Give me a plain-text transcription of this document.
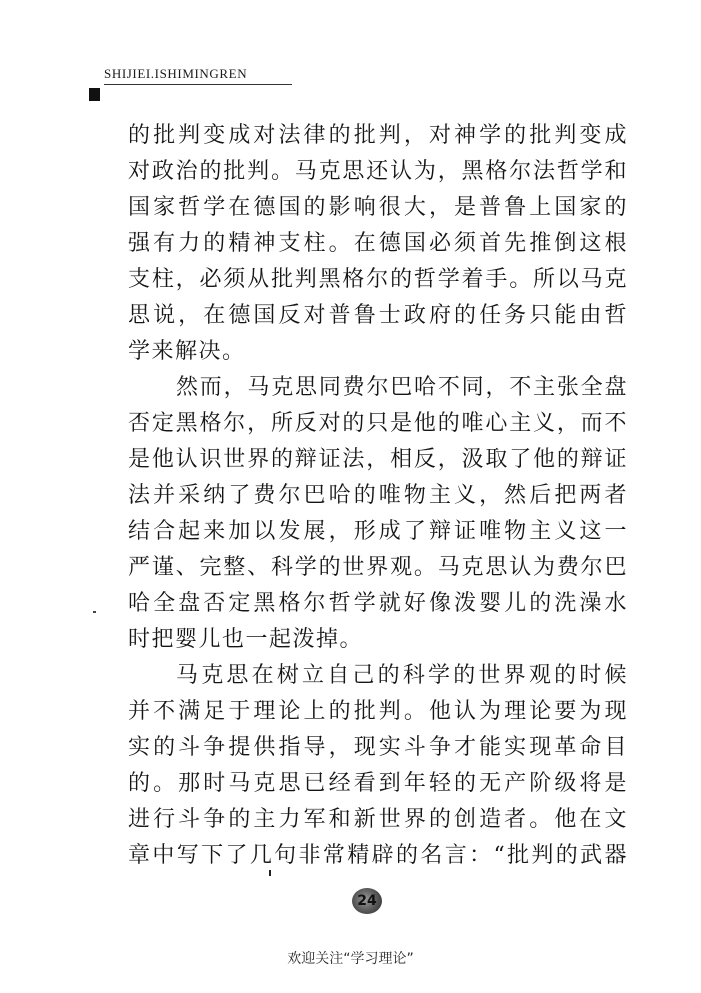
SHIJIEI.ISHIMINGREN
的批判变成对法律的批判，对神学的批判变成
对政治的批判。马克思还认为，黑格尔法哲学和
国家哲学在德国的影响很大，是普鲁上国家的
强有力的精神支柱。在德国必须首先推倒这根
支柱，必须从批判黑格尔的哲学着手。所以马克
思说，在德国反对普鲁士政府的任务只能由哲
学来解决。
然而，马克思同费尔巴哈不同，不主张全盘
否定黑格尔，所反对的只是他的唯心主义，而不
是他认识世界的辩证法，相反，汲取了他的辩证
法并采纳了费尔巴哈的唯物主义，然后把两者
结合起来加以发展，形成了辩证唯物主义这一
严谨、完整、科学的世界观。马克思认为费尔巴
哈全盘否定黑格尔哲学就好像泼婴儿的洗澡水
时把婴儿也一起泼掉。
马克思在树立自己的科学的世界观的时候
并不满足于理论上的批判。他认为理论要为现
实的斗争提供指导，现实斗争才能实现革命目
的。那时马克思已经看到年轻的无产阶级将是
进行斗争的主力军和新世界的创造者。他在文
章中写下了几句非常精辟的名言：“批判的武器
24
欢迎关注“学习理论”
